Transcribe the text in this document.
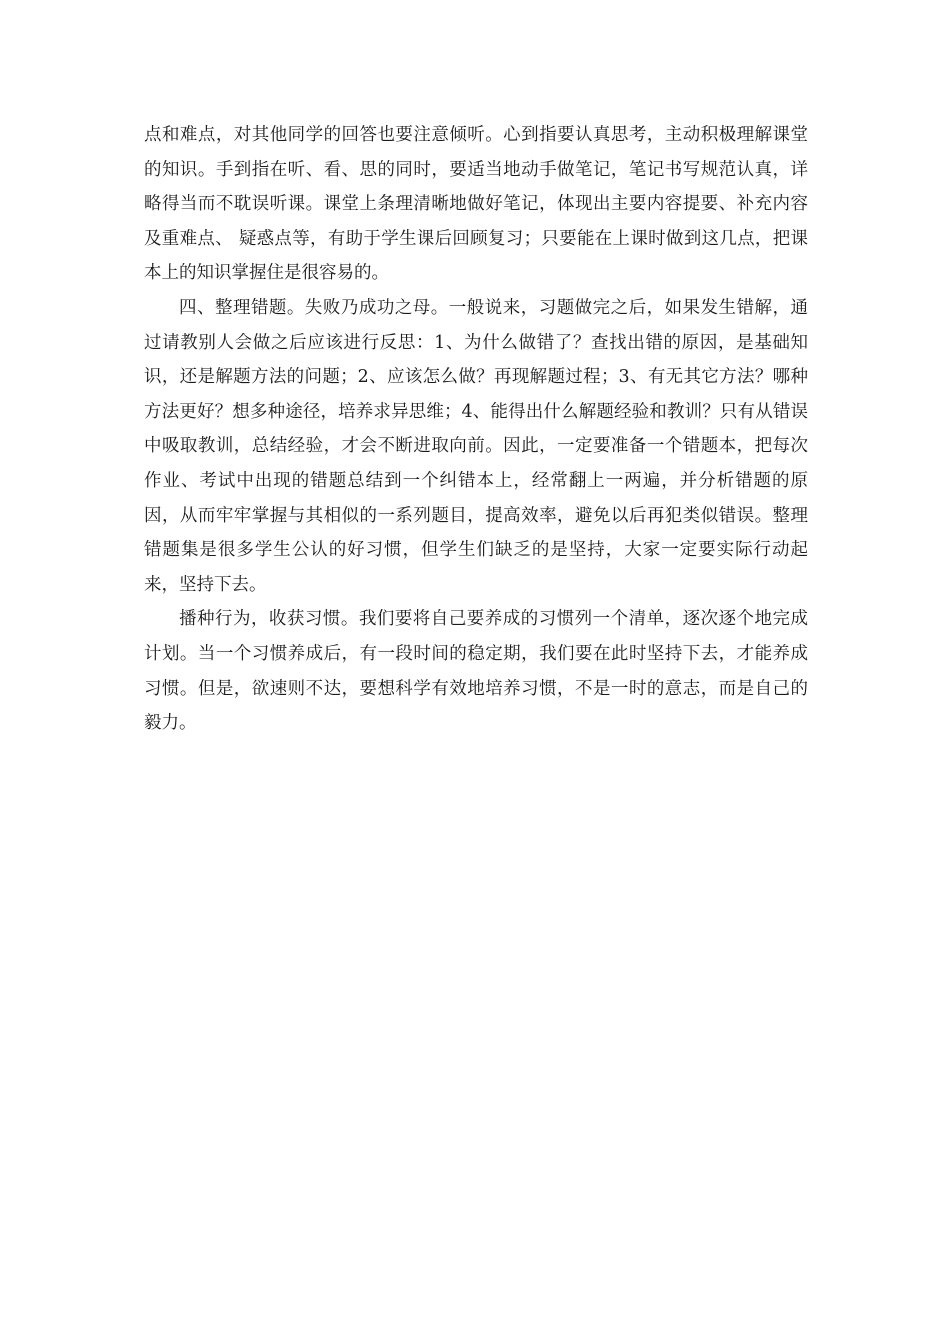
点和难点，对其他同学的回答也要注意倾听。心到指要认真思考，主动积极理解课堂的知识。手到指在听、看、思的同时，要适当地动手做笔记，笔记书写规范认真，详略得当而不耽误听课。课堂上条理清晰地做好笔记，体现出主要内容提要、补充内容及重难点、 疑惑点等，有助于学生课后回顾复习；只要能在上课时做到这几点，把课本上的知识掌握住是很容易的。

四、整理错题。失败乃成功之母。一般说来，习题做完之后，如果发生错解，通过请教别人会做之后应该进行反思：1、为什么做错了？查找出错的原因，是基础知识，还是解题方法的问题；2、应该怎么做？再现解题过程；3、有无其它方法？哪种方法更好？想多种途径，培养求异思维；4、能得出什么解题经验和教训？只有从错误中吸取教训，总结经验，才会不断进取向前。因此，一定要准备一个错题本，把每次作业、考试中出现的错题总结到一个纠错本上，经常翻上一两遍，并分析错题的原因，从而牢牢掌握与其相似的一系列题目，提高效率，避免以后再犯类似错误。整理错题集是很多学生公认的好习惯，但学生们缺乏的是坚持，大家一定要实际行动起来，坚持下去。

播种行为，收获习惯。我们要将自己要养成的习惯列一个清单，逐次逐个地完成计划。当一个习惯养成后，有一段时间的稳定期，我们要在此时坚持下去，才能养成习惯。但是，欲速则不达，要想科学有效地培养习惯，不是一时的意志，而是自己的毅力。
